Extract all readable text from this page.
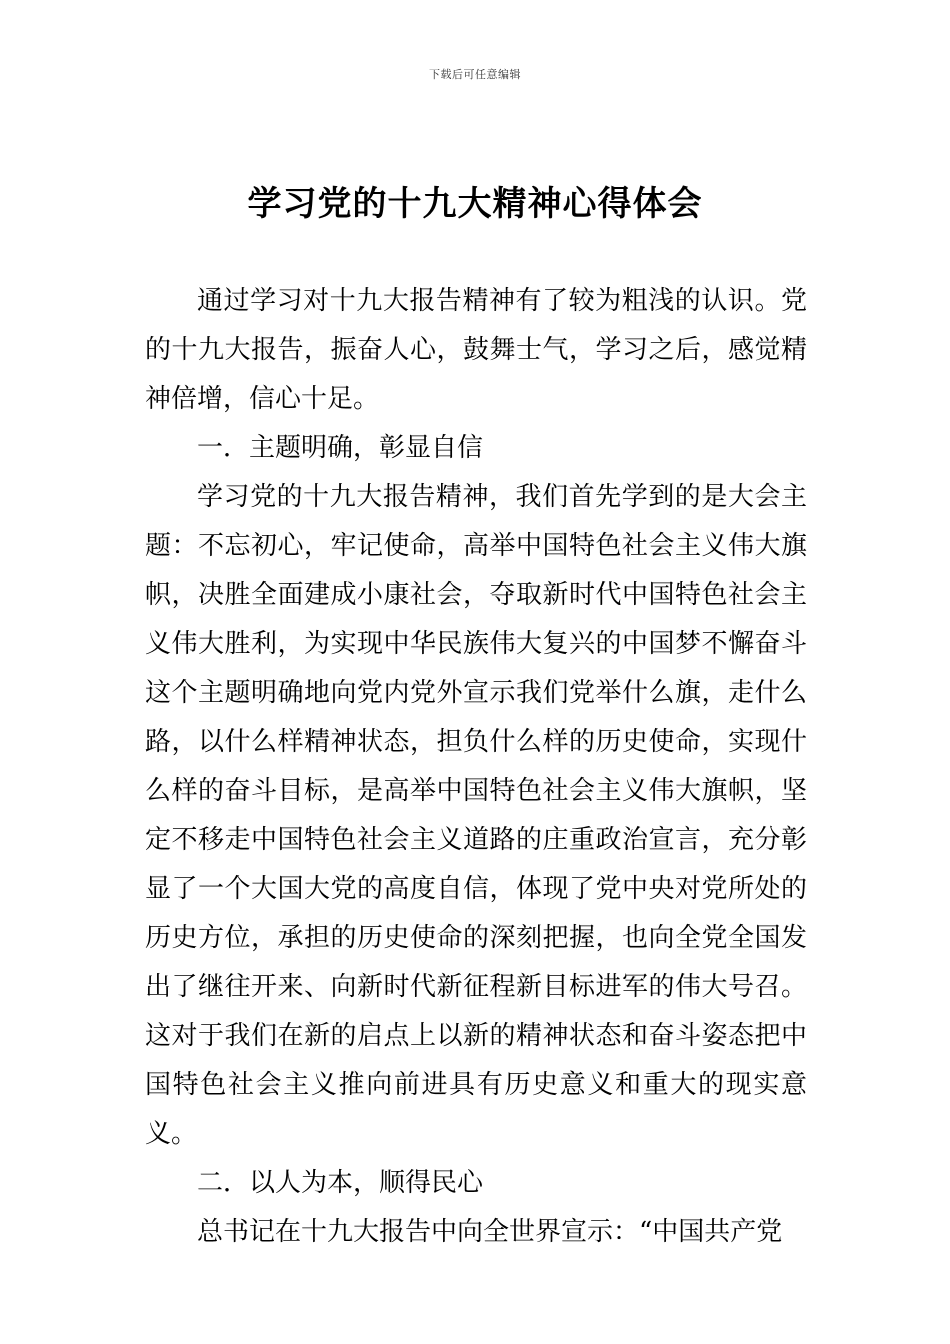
下载后可任意编辑
学习党的十九大精神心得体会

通过学习对十九大报告精神有了较为粗浅的认识。党的十九大报告，振奋人心，鼓舞士气，学习之后，感觉精神倍增，信心十足。

一．主题明确，彰显自信

学习党的十九大报告精神，我们首先学到的是大会主题：不忘初心，牢记使命，高举中国特色社会主义伟大旗帜，决胜全面建成小康社会，夺取新时代中国特色社会主义伟大胜利，为实现中华民族伟大复兴的中国梦不懈奋斗这个主题明确地向党内党外宣示我们党举什么旗，走什么路，以什么样精神状态，担负什么样的历史使命，实现什么样的奋斗目标，是高举中国特色社会主义伟大旗帜，坚定不移走中国特色社会主义道路的庄重政治宣言，充分彰显了一个大国大党的高度自信，体现了党中央对党所处的历史方位，承担的历史使命的深刻把握，也向全党全国发出了继往开来、向新时代新征程新目标进军的伟大号召。这对于我们在新的启点上以新的精神状态和奋斗姿态把中国特色社会主义推向前进具有历史意义和重大的现实意义。

二．以人为本，顺得民心

总书记在十九大报告中向全世界宣示：“中国共产党
